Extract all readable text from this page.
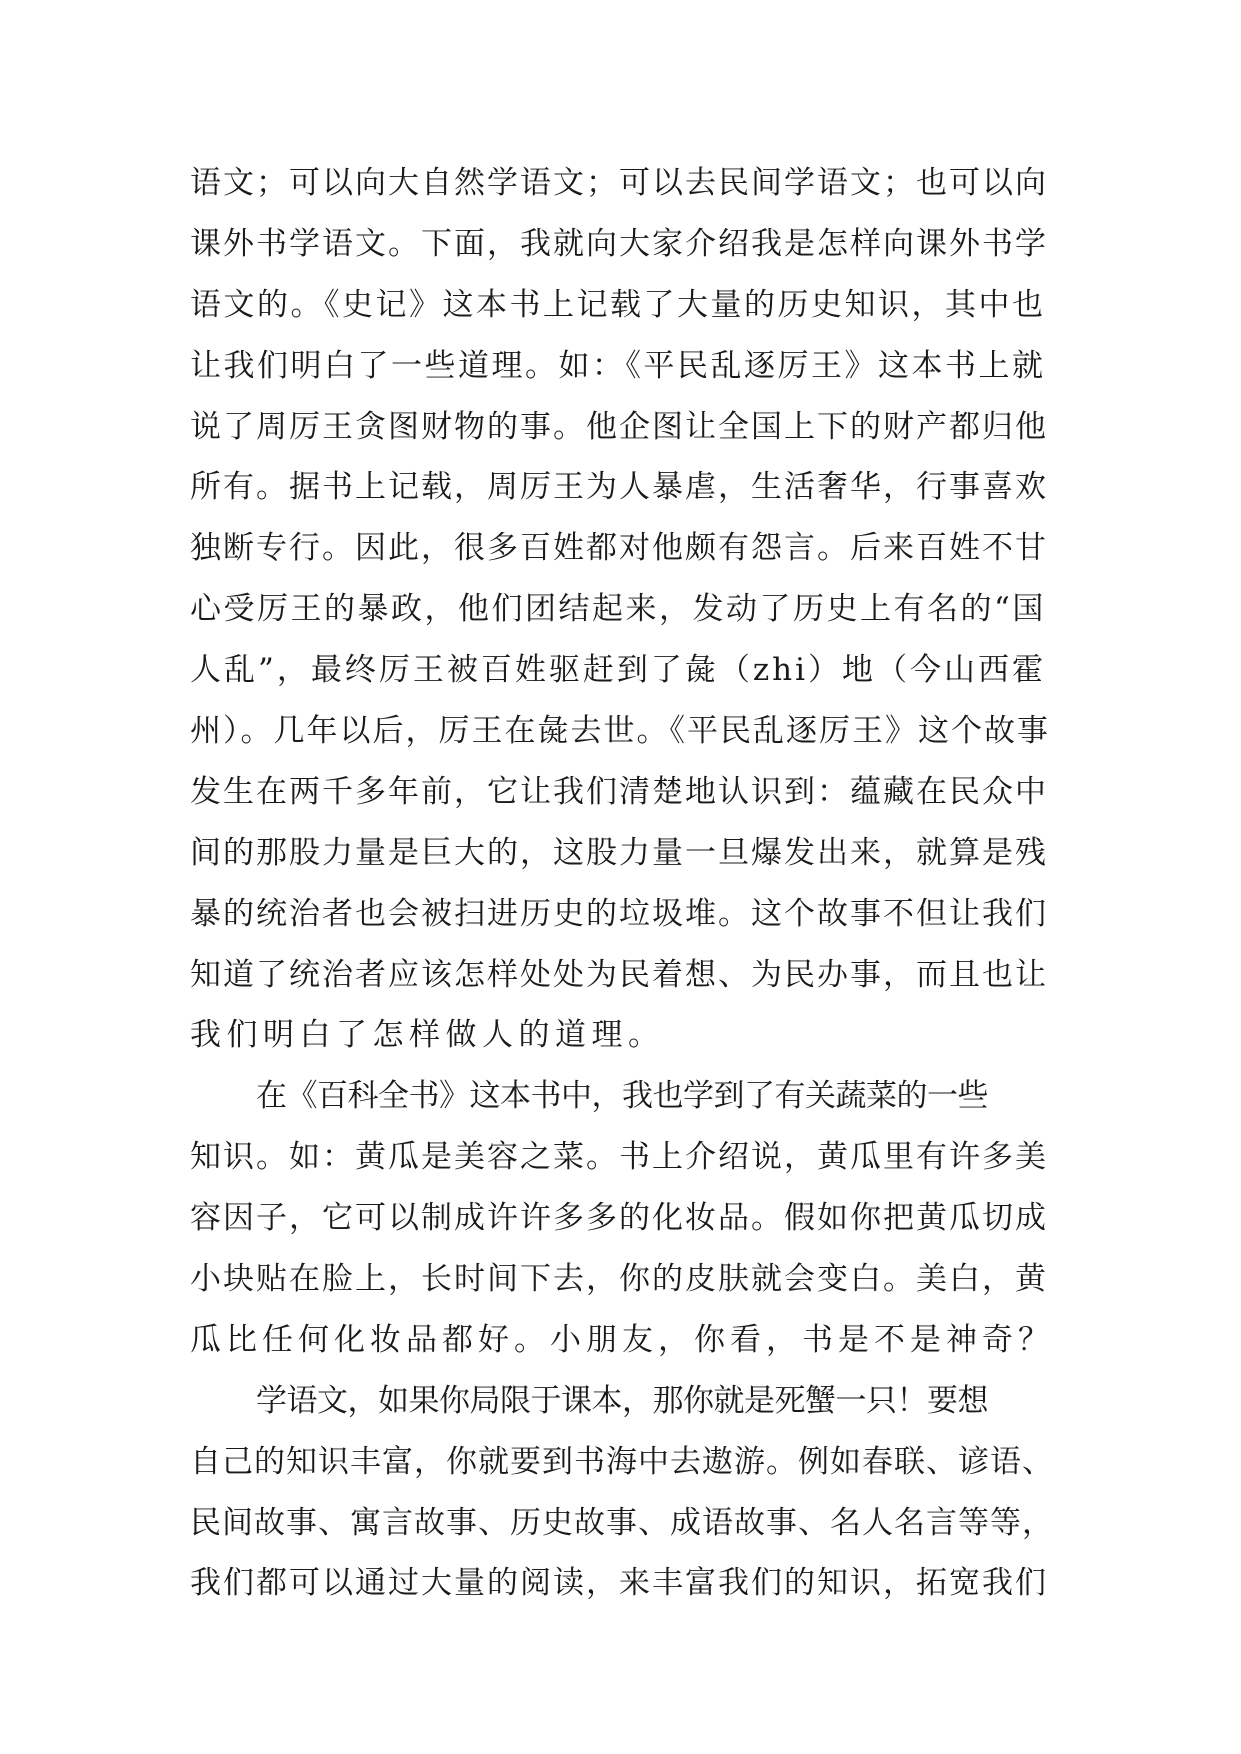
语文；可以向大自然学语文；可以去民间学语文；也可以向
课外书学语文。下面，我就向大家介绍我是怎样向课外书学
语文的。《史记》这本书上记载了大量的历史知识，其中也
让我们明白了一些道理。如：《平民乱逐厉王》这本书上就
说了周厉王贪图财物的事。他企图让全国上下的财产都归他
所有。据书上记载，周厉王为人暴虐，生活奢华，行事喜欢
独断专行。因此，很多百姓都对他颇有怨言。后来百姓不甘
心受厉王的暴政，他们团结起来，发动了历史上有名的“国
人乱”，最终厉王被百姓驱赶到了彘（zhi）地（今山西霍
州）。几年以后，厉王在彘去世。《平民乱逐厉王》这个故事
发生在两千多年前，它让我们清楚地认识到：蕴藏在民众中
间的那股力量是巨大的，这股力量一旦爆发出来，就算是残
暴的统治者也会被扫进历史的垃圾堆。这个故事不但让我们
知道了统治者应该怎样处处为民着想、为民办事，而且也让
我们明白了怎样做人的道理。
在《百科全书》这本书中，我也学到了有关蔬菜的一些
知识。如：黄瓜是美容之菜。书上介绍说，黄瓜里有许多美
容因子，它可以制成许许多多的化妆品。假如你把黄瓜切成
小块贴在脸上，长时间下去，你的皮肤就会变白。美白，黄
瓜比任何化妆品都好。小朋友，你看，书是不是神奇？
学语文，如果你局限于课本，那你就是死蟹一只！要想
自己的知识丰富，你就要到书海中去遨游。例如春联、谚语、
民间故事、寓言故事、历史故事、成语故事、名人名言等等，
我们都可以通过大量的阅读，来丰富我们的知识，拓宽我们
